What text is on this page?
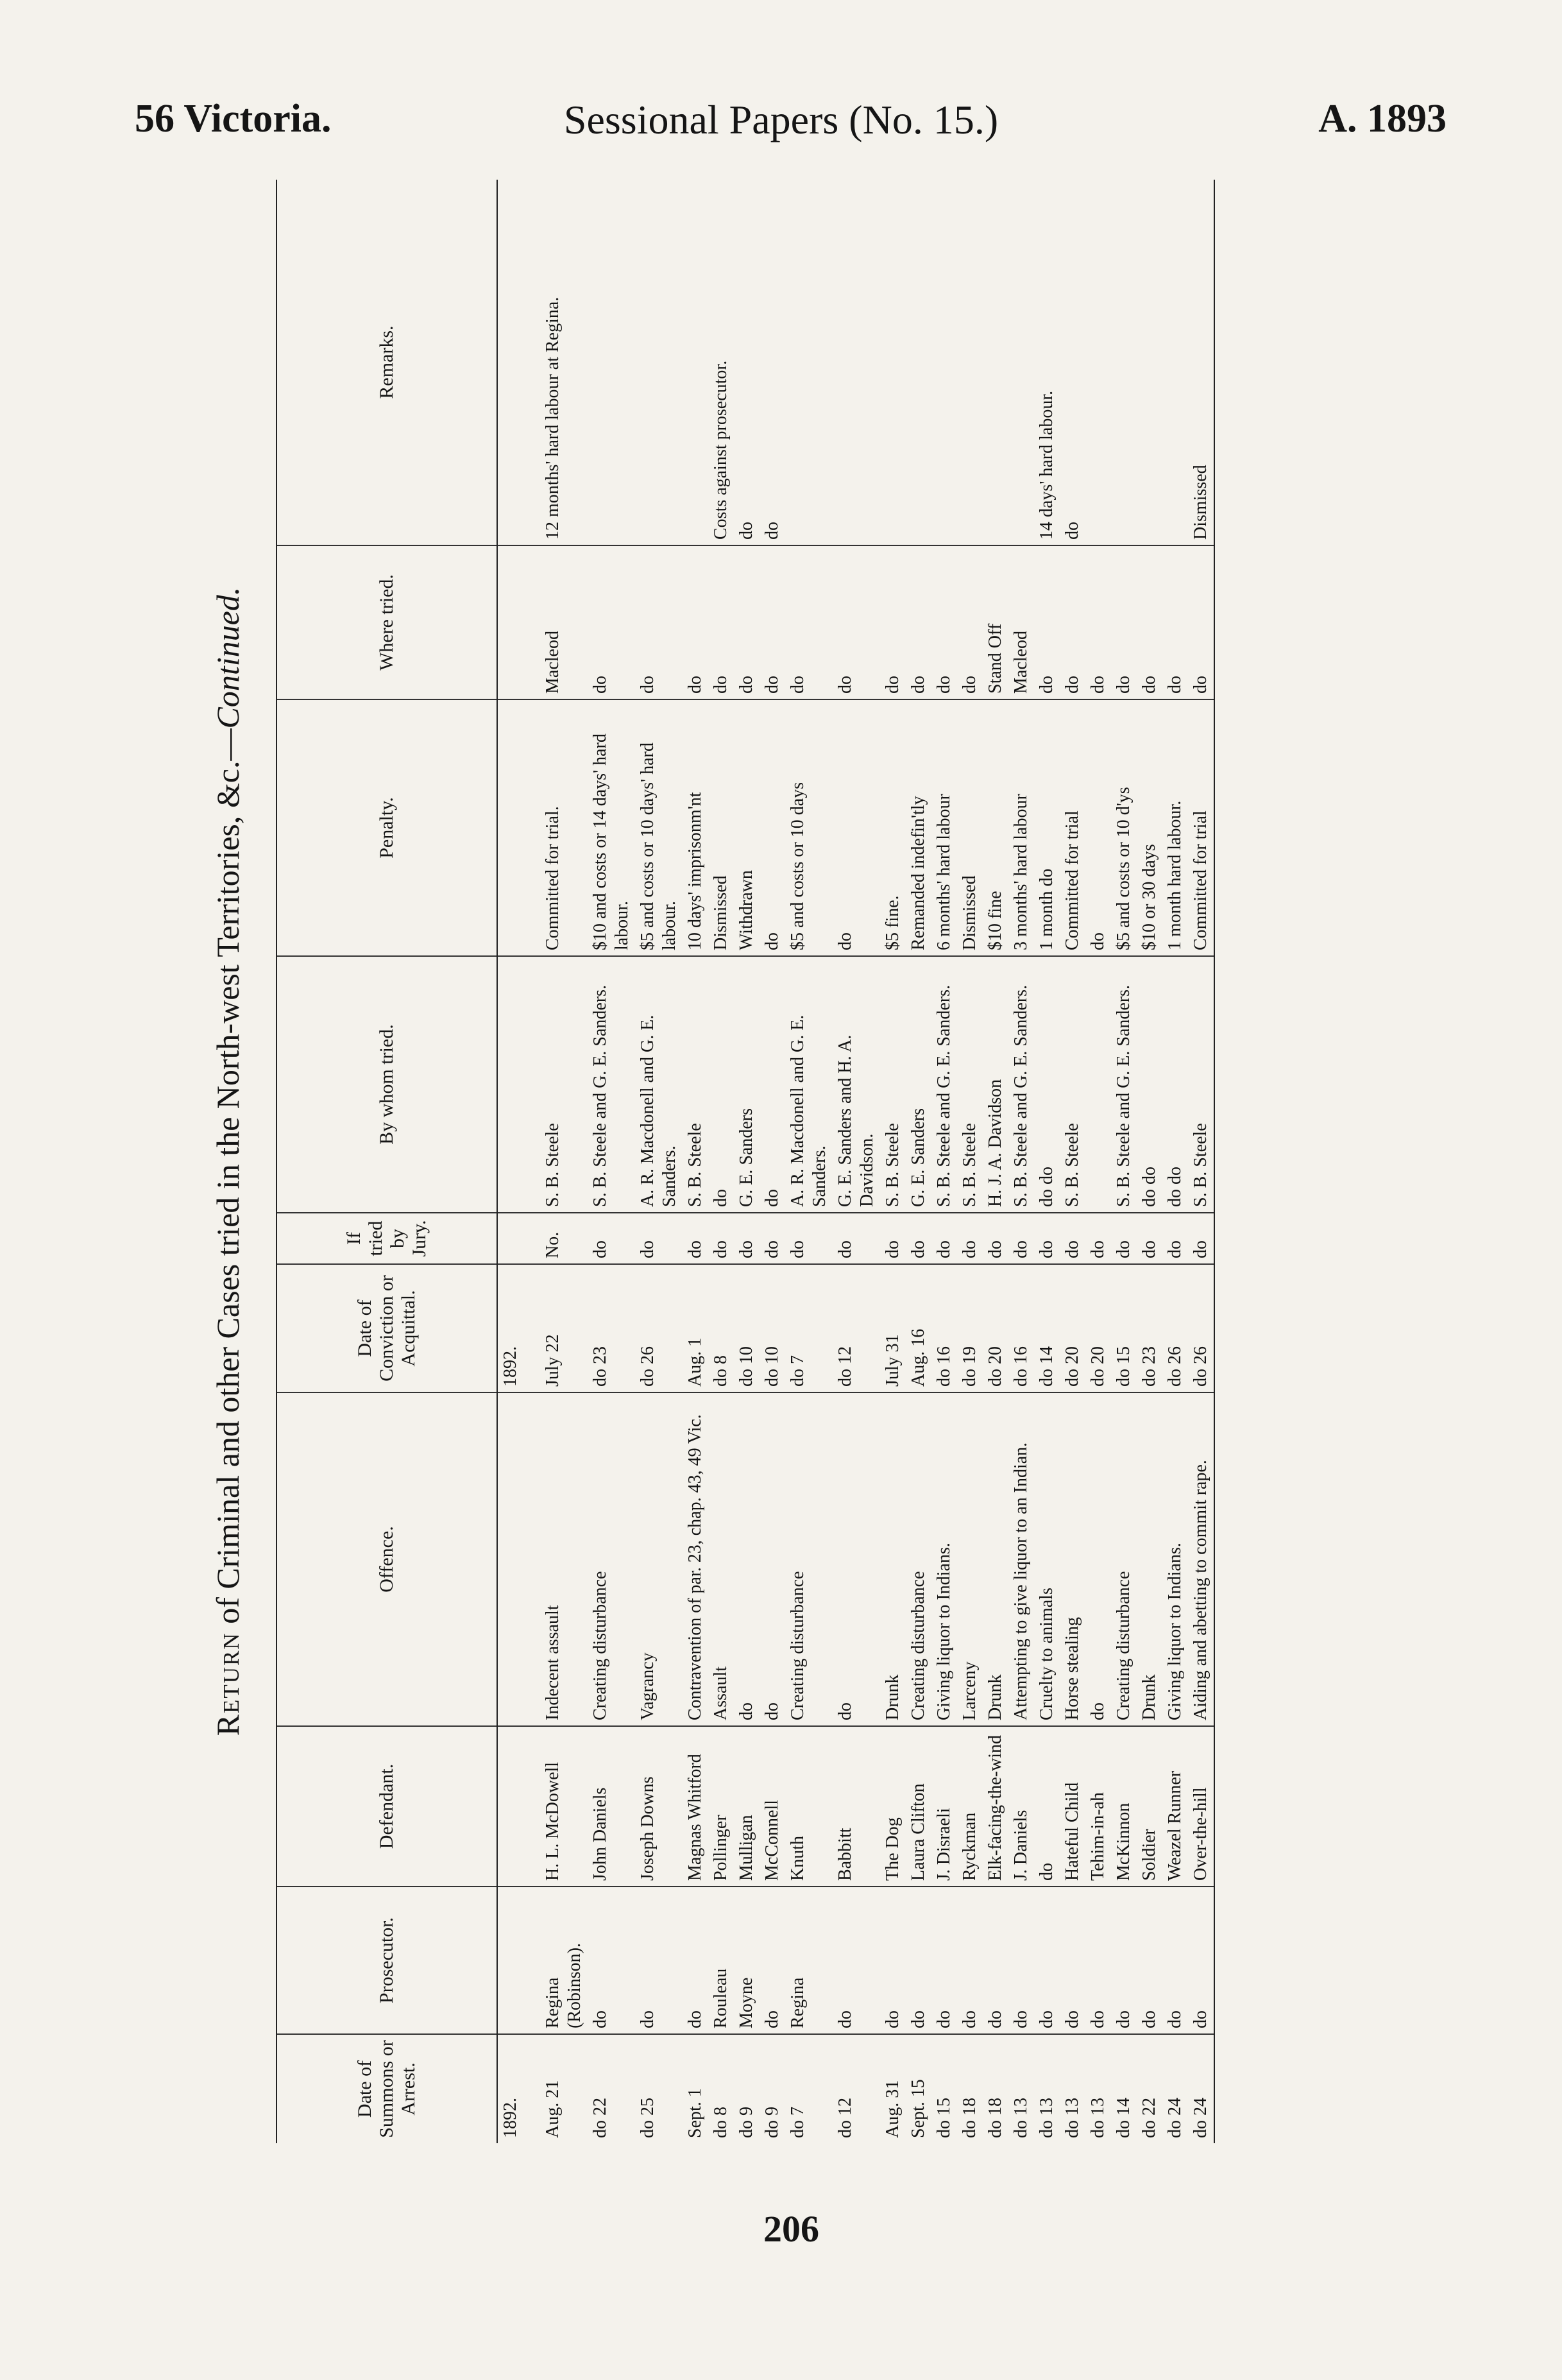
56 Victoria.	Sessional Papers (No. 15.)	A. 1893
Return of Criminal and other Cases tried in the North-west Territories, &c.—Continued.
Date of Summons or Arrest.	Prosecutor.	Defendant.	Offence.	Date of Conviction or Acquittal.	If tried by Jury.	By whom tried.	Penalty.	Where tried.	Remarks.
1892.				1892.					
Aug. 21	Regina (Robinson).	H. L. McDowell	Indecent assault	July 22	No.	S. B. Steele	Committed for trial.	Macleod	12 months' hard labour at Regina.
do 22	do	John Daniels	Creating disturbance	do 23	do	S. B. Steele and G. E. Sanders.	$10 and costs or 14 days' hard labour.	do	
do 25	do	Joseph Downs	Vagrancy	do 26	do	A. R. Macdonell and G. E. Sanders.	$5 and costs or 10 days' hard labour.	do	
Sept. 1	do	Magnas Whitford	Contravention of par. 23, chap. 43, 49 Vic.	Aug. 1	do	S. B. Steele	10 days' imprisonm'nt	do	
do 8	Rouleau	Pollinger	Assault	do 8	do	do	Dismissed	do	Costs against prosecutor.
do 9	Moyne	Mulligan	do	do 10	do	G. E. Sanders	Withdrawn	do	do
do 9	do	McConnell	do	do 10	do	do	do	do	do
do 7	Regina	Knuth	Creating disturbance	do 7	do	A. R. Macdonell and G. E. Sanders.	$5 and costs or 10 days	do	
do 12	do	Babbitt	do	do 12	do	G. E. Sanders and H. A. Davidson.	do	do	
Aug. 31	do	The Dog	Drunk	July 31	do	S. B. Steele	$5 fine.	do	
Sept. 15	do	Laura Clifton	Creating disturbance	Aug. 16	do	G. E. Sanders	Remanded indefin'tly	do	
do 15	do	J. Disraeli	Giving liquor to Indians.	do 16	do	S. B. Steele and G. E. Sanders.	6 months' hard labour	do	
do 18	do	Ryckman	Larceny	do 19	do	S. B. Steele	Dismissed	do	
do 18	do	Elk-facing-the-wind	Drunk	do 20	do	H. J. A. Davidson	$10 fine	Stand Off	
do 13	do	J. Daniels	Attempting to give liquor to an Indian.	do 16	do	S. B. Steele and G. E. Sanders.	3 months' hard labour	Macleod	
do 13	do	do	Cruelty to animals	do 14	do	do do	1 month do	do	14 days' hard labour.
do 13	do	Hateful Child	Horse stealing	do 20	do	S. B. Steele	Committed for trial	do	do
do 13	do	Tehim-in-ah	do	do 20	do		do	do	
do 14	do	McKinnon	Creating disturbance	do 15	do	S. B. Steele and G. E. Sanders.	$5 and costs or 10 d'ys	do	
do 22	do	Soldier	Drunk	do 23	do	do do	$10 or 30 days	do	
do 24	do	Weazel Runner	Giving liquor to Indians.	do 26	do	do do	1 month hard labour.	do	
do 24	do	Over-the-hill	Aiding and abetting to commit rape.	do 26	do	S. B. Steele	Committed for trial	do	Dismissed
206
